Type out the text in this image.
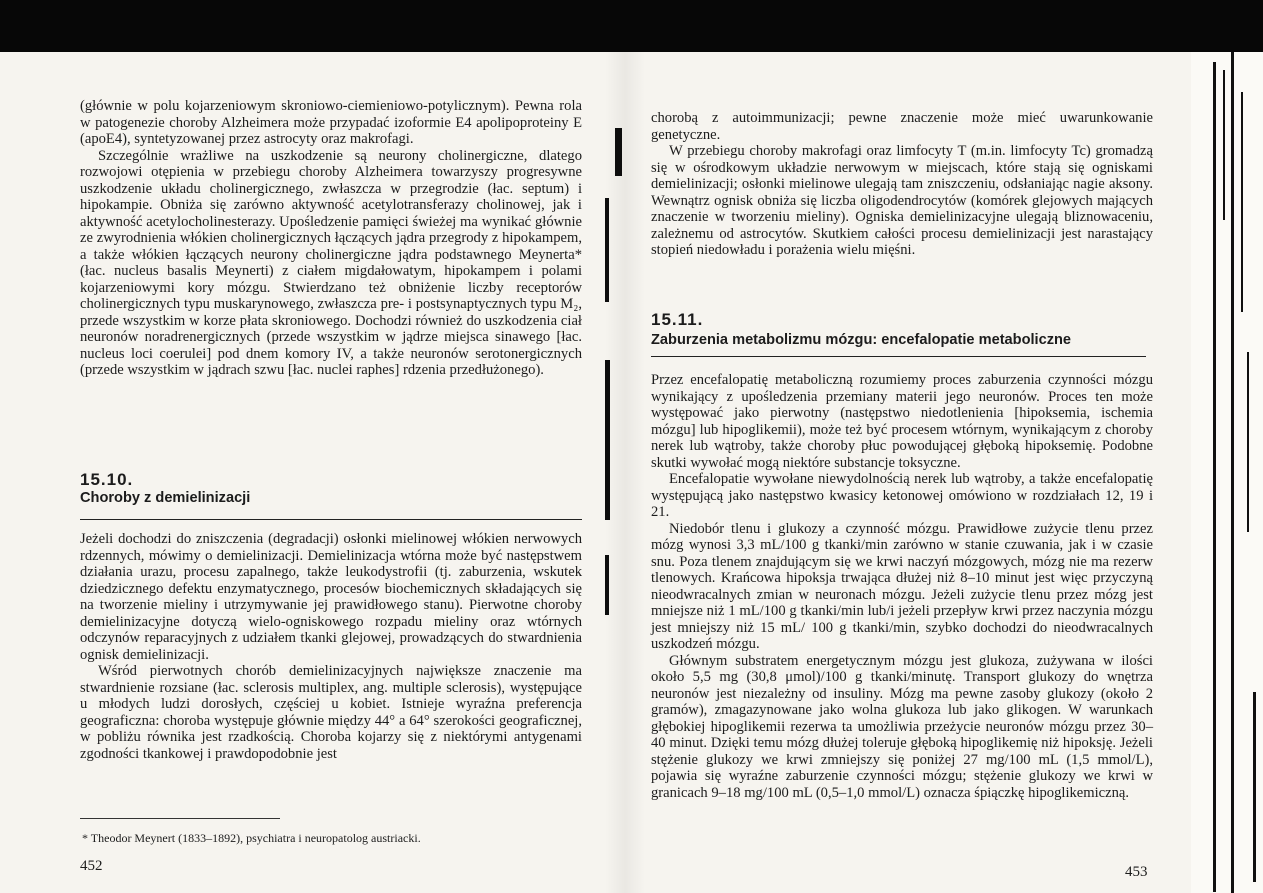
(głównie w polu kojarzeniowym skroniowo-ciemieniowo-potylicznym). Pewna rola w patogenezie choroby Alzheimera może przypadać izoformie E4 apolipoproteiny E (apoE4), syntetyzowanej przez astrocyty oraz makrofagi.

Szczególnie wrażliwe na uszkodzenie są neurony cholinergiczne, dlatego rozwojowi otępienia w przebiegu choroby Alzheimera towarzyszy progresywne uszkodzenie układu cholinergicznego, zwłaszcza w przegrodzie (łac. septum) i hipokampie. Obniża się zarówno aktywność acetylotransferazy cholinowej, jak i aktywność acetylocholinesterazy. Upośledzenie pamięci świeżej ma wynikać głównie ze zwyrodnienia włókien cholinergicznych łączących jądra przegrody z hipokampem, a także włókien łączących neurony cholinergiczne jądra podstawnego Meynerta* (łac. nucleus basalis Meynerti) z ciałem migdałowatym, hipokampem i polami kojarzeniowymi kory mózgu. Stwierdzano też obniżenie liczby receptorów cholinergicznych typu muskarynowego, zwłaszcza pre- i postsynaptycznych typu M₂, przede wszystkim w korze płata skroniowego. Dochodzi również do uszkodzenia ciał neuronów noradrenergicznych (przede wszystkim w jądrze miejsca sinawego [łac. nucleus loci coerulei] pod dnem komory IV, a także neuronów serotonergicznych (przede wszystkim w jądrach szwu [łac. nuclei raphes] rdzenia przedłużonego).

15.10.
Choroby z demielinizacji

Jeżeli dochodzi do zniszczenia (degradacji) osłonki mielinowej włókien nerwowych rdzennych, mówimy o demielinizacji. Demielinizacja wtórna może być następstwem działania urazu, procesu zapalnego, także leukodystrofii (tj. zaburzenia, wskutek dziedzicznego defektu enzymatycznego, procesów biochemicznych składających się na tworzenie mieliny i utrzymywanie jej prawidłowego stanu). Pierwotne choroby demielinizacyjne dotyczą wielo-ogniskowego rozpadu mieliny oraz wtórnych odczynów reparacyjnych z udziałem tkanki glejowej, prowadzących do stwardnienia ognisk demielinizacji.

Wśród pierwotnych chorób demielinizacyjnych największe znaczenie ma stwardnienie rozsiane (łac. sclerosis multiplex, ang. multiple sclerosis), występujące u młodych ludzi dorosłych, częściej u kobiet. Istnieje wyraźna preferencja geograficzna: choroba występuje głównie między 44° a 64° szerokości geograficznej, w pobliżu równika jest rzadkością. Choroba kojarzy się z niektórymi antygenami zgodności tkankowej i prawdopodobnie jest

* Theodor Meynert (1833–1892), psychiatra i neuropatolog austriacki.
452

chorobą z autoimmunizacji; pewne znaczenie może mieć uwarunkowanie genetyczne.

W przebiegu choroby makrofagi oraz limfocyty T (m.in. limfocyty Tc) gromadzą się w ośrodkowym układzie nerwowym w miejscach, które stają się ogniskami demielinizacji; osłonki mielinowe ulegają tam zniszczeniu, odsłaniając nagie aksony. Wewnątrz ognisk obniża się liczba oligodendrocytów (komórek glejowych mających znaczenie w tworzeniu mieliny). Ogniska demielinizacyjne ulegają bliznowaceniu, zależnemu od astrocytów. Skutkiem całości procesu demielinizacji jest narastający stopień niedowładu i porażenia wielu mięśni.

15.11.
Zaburzenia metabolizmu mózgu: encefalopatie metaboliczne

Przez encefalopatię metaboliczną rozumiemy proces zaburzenia czynności mózgu wynikający z upośledzenia przemiany materii jego neuronów. Proces ten może występować jako pierwotny (następstwo niedotlenienia [hipoksemia, ischemia mózgu] lub hipoglikemii), może też być procesem wtórnym, wynikającym z choroby nerek lub wątroby, także choroby płuc powodującej głęboką hipoksemię. Podobne skutki wywołać mogą niektóre substancje toksyczne.

Encefalopatie wywołane niewydolnością nerek lub wątroby, a także encefalopatię występującą jako następstwo kwasicy ketonowej omówiono w rozdziałach 12, 19 i 21.

Niedobór tlenu i glukozy a czynność mózgu. Prawidłowe zużycie tlenu przez mózg wynosi 3,3 mL/100 g tkanki/min zarówno w stanie czuwania, jak i w czasie snu. Poza tlenem znajdującym się we krwi naczyń mózgowych, mózg nie ma rezerw tlenowych. Krańcowa hipoksja trwająca dłużej niż 8–10 minut jest więc przyczyną nieodwracalnych zmian w neuronach mózgu. Jeżeli zużycie tlenu przez mózg jest mniejsze niż 1 mL/100 g tkanki/min lub/i jeżeli przepływ krwi przez naczynia mózgu jest mniejszy niż 15 mL/ 100 g tkanki/min, szybko dochodzi do nieodwracalnych uszkodzeń mózgu.

Głównym substratem energetycznym mózgu jest glukoza, zużywana w ilości około 5,5 mg (30,8 μmol)/100 g tkanki/minutę. Transport glukozy do wnętrza neuronów jest niezależny od insuliny. Mózg ma pewne zasoby glukozy (około 2 gramów), zmagazynowane jako wolna glukoza lub jako glikogen. W warunkach głębokiej hipoglikemii rezerwa ta umożliwia przeżycie neuronów mózgu przez 30–40 minut. Dzięki temu mózg dłużej toleruje głęboką hipoglikemię niż hipoksję. Jeżeli stężenie glukozy we krwi zmniejszy się poniżej 27 mg/100 mL (1,5 mmol/L), pojawia się wyraźne zaburzenie czynności mózgu; stężenie glukozy we krwi w granicach 9–18 mg/100 mL (0,5–1,0 mmol/L) oznacza śpiączkę hipoglikemiczną.

453
